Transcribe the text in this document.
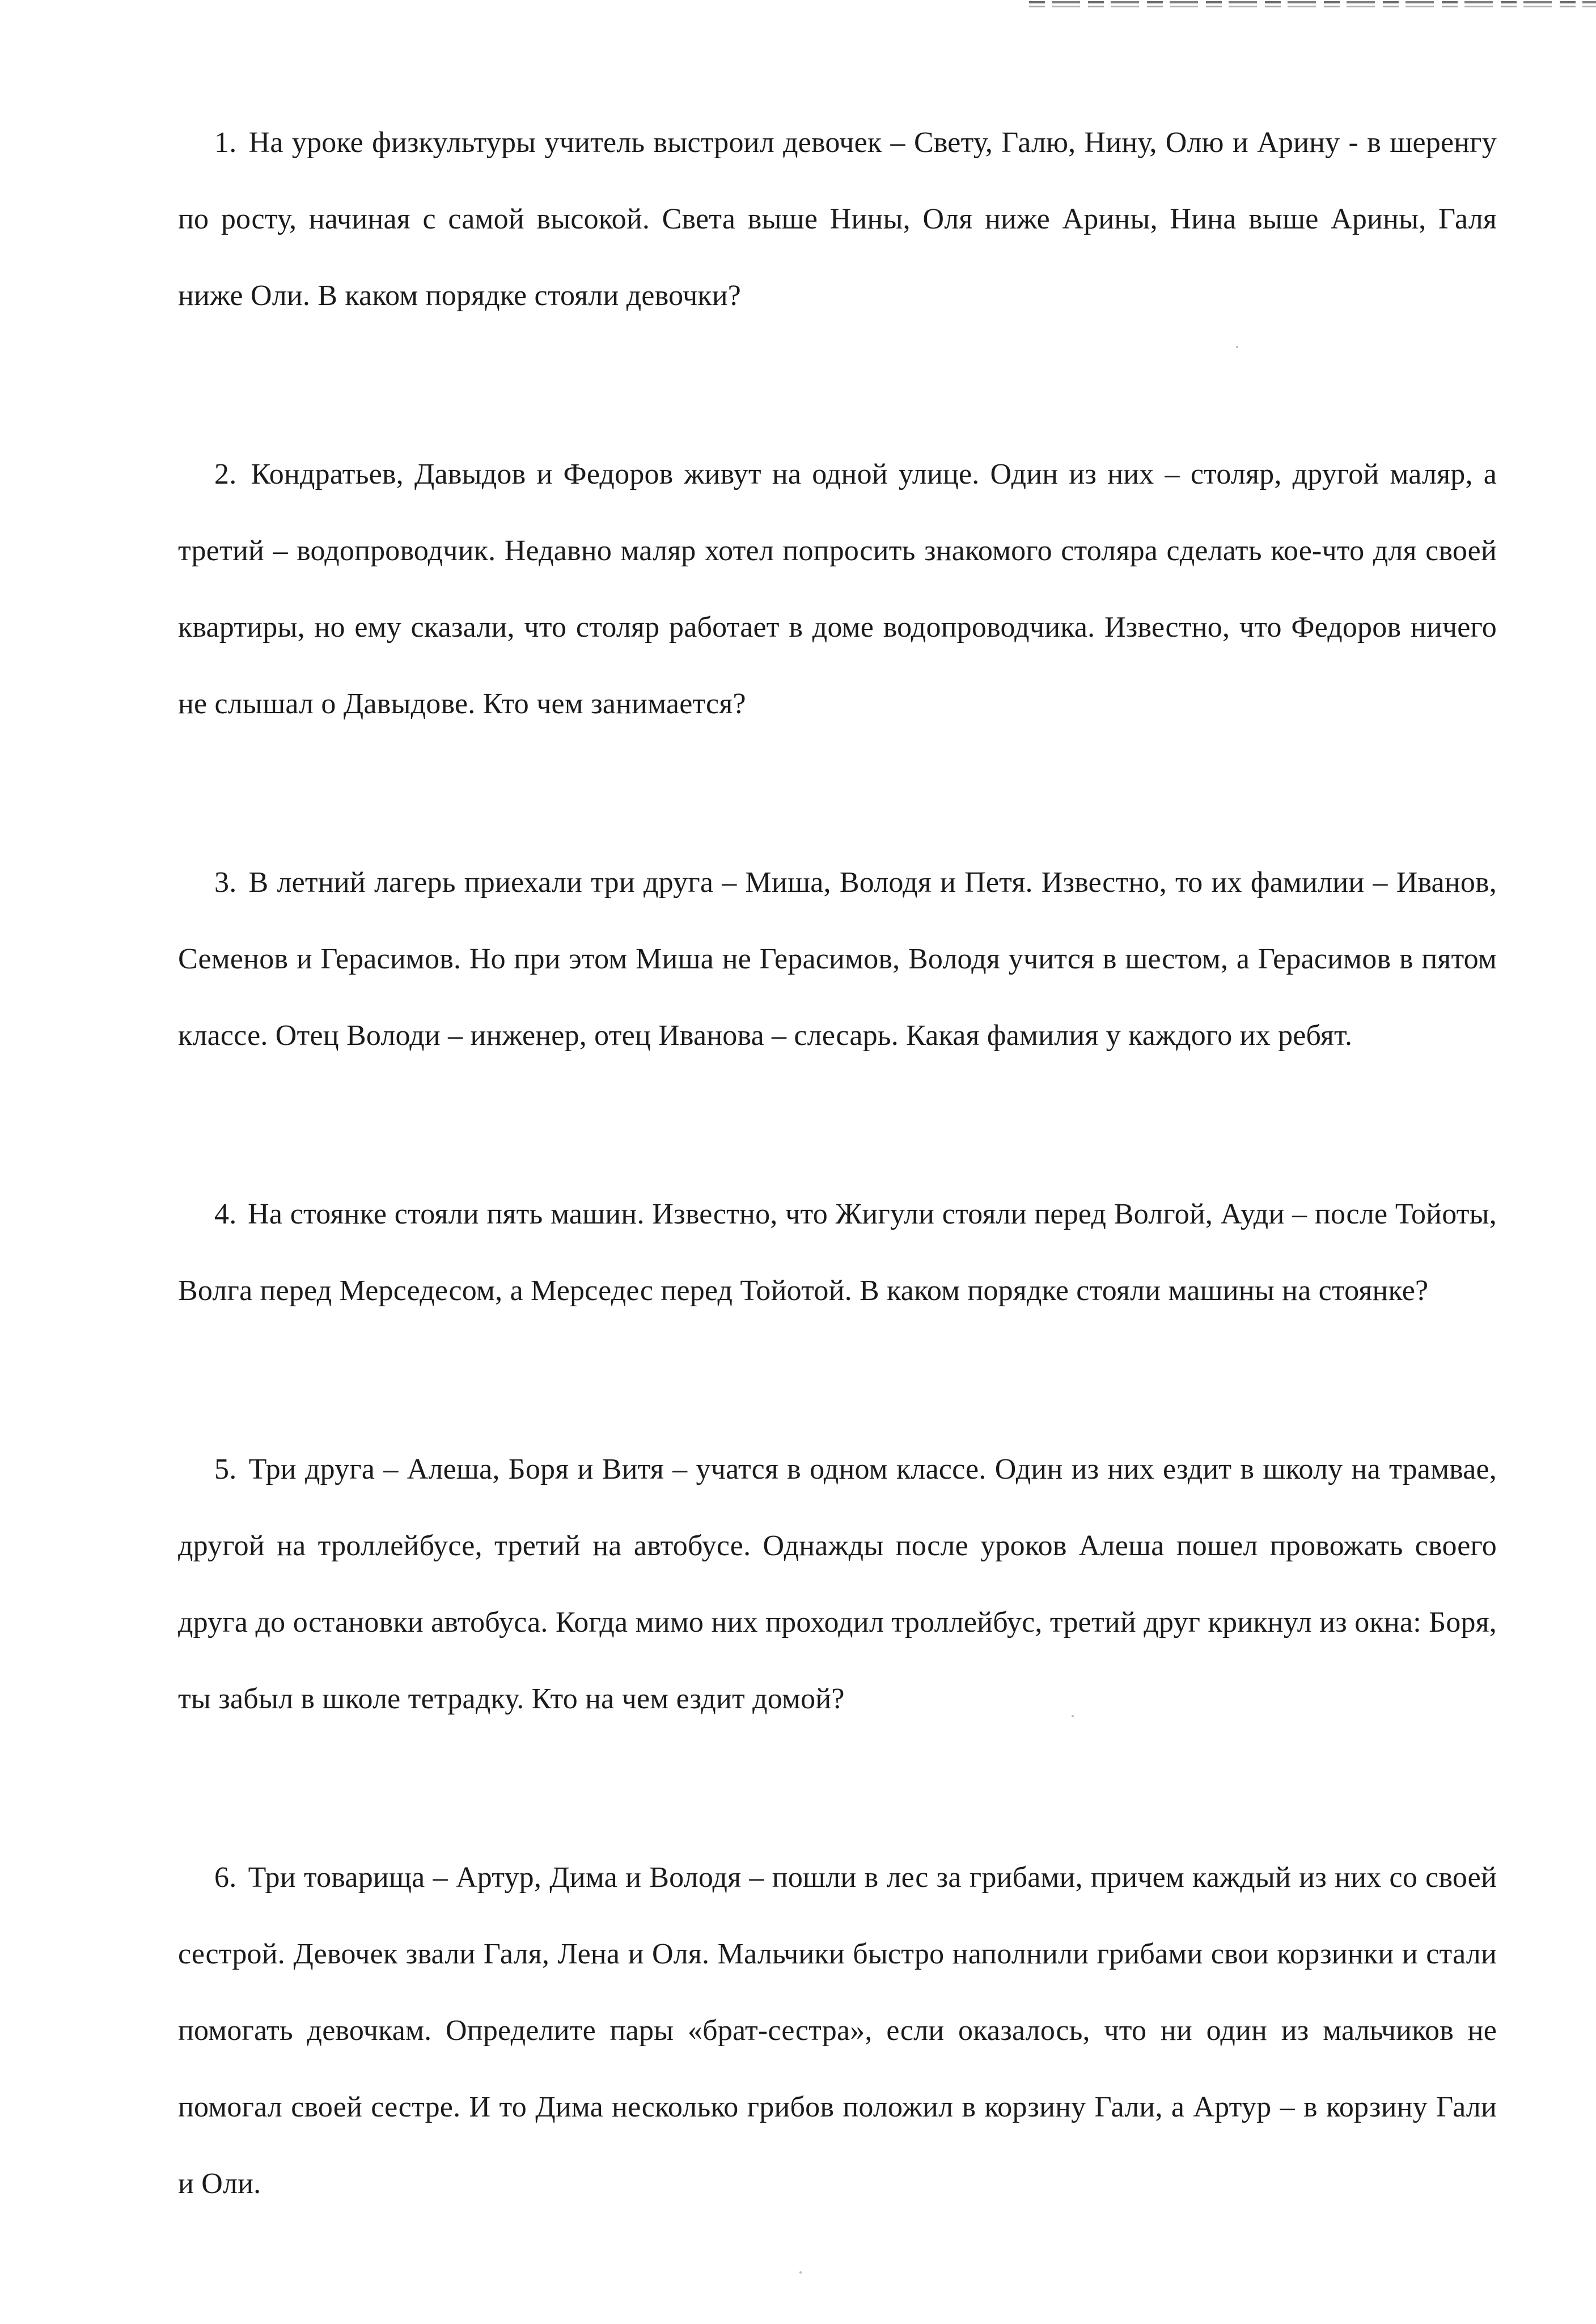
1. На уроке физкультуры учитель выстроил девочек – Свету, Галю, Нину, Олю и Арину - в шеренгу по росту, начиная с самой высокой. Света выше Нины, Оля ниже Арины, Нина выше Арины, Галя ниже Оли. В каком порядке стояли девочки?

2. Кондратьев, Давыдов и Федоров живут на одной улице. Один из них – столяр, другой маляр, а третий – водопроводчик. Недавно маляр хотел попросить знакомого столяра сделать кое-что для своей квартиры, но ему сказали, что столяр работает в доме водопроводчика. Известно, что Федоров ничего не слышал о Давыдове. Кто чем занимается?

3. В летний лагерь приехали три друга – Миша, Володя и Петя. Известно, то их фамилии – Иванов, Семенов и Герасимов. Но при этом Миша не Герасимов, Володя учится в шестом, а Герасимов в пятом классе. Отец Володи – инженер, отец Иванова – слесарь. Какая фамилия у каждого их ребят.

4. На стоянке стояли пять машин. Известно, что Жигули стояли перед Волгой, Ауди – после Тойоты, Волга перед Мерседесом, а Мерседес перед Тойотой. В каком порядке стояли машины на стоянке?

5. Три друга – Алеша, Боря и Витя – учатся в одном классе. Один из них ездит в школу на трамвае, другой на троллейбусе, третий на автобусе. Однажды после уроков Алеша пошел провожать своего друга до остановки автобуса. Когда мимо них проходил троллейбус, третий друг крикнул из окна: Боря, ты забыл в школе тетрадку. Кто на чем ездит домой?

6. Три товарища – Артур, Дима и Володя – пошли в лес за грибами, причем каждый из них со своей сестрой. Девочек звали Галя, Лена и Оля. Мальчики быстро наполнили грибами свои корзинки и стали помогать девочкам. Определите пары «брат-сестра», если оказалось, что ни один из мальчиков не помогал своей сестре. И то Дима несколько грибов положил в корзину Гали, а Артур – в корзину Гали и Оли.
